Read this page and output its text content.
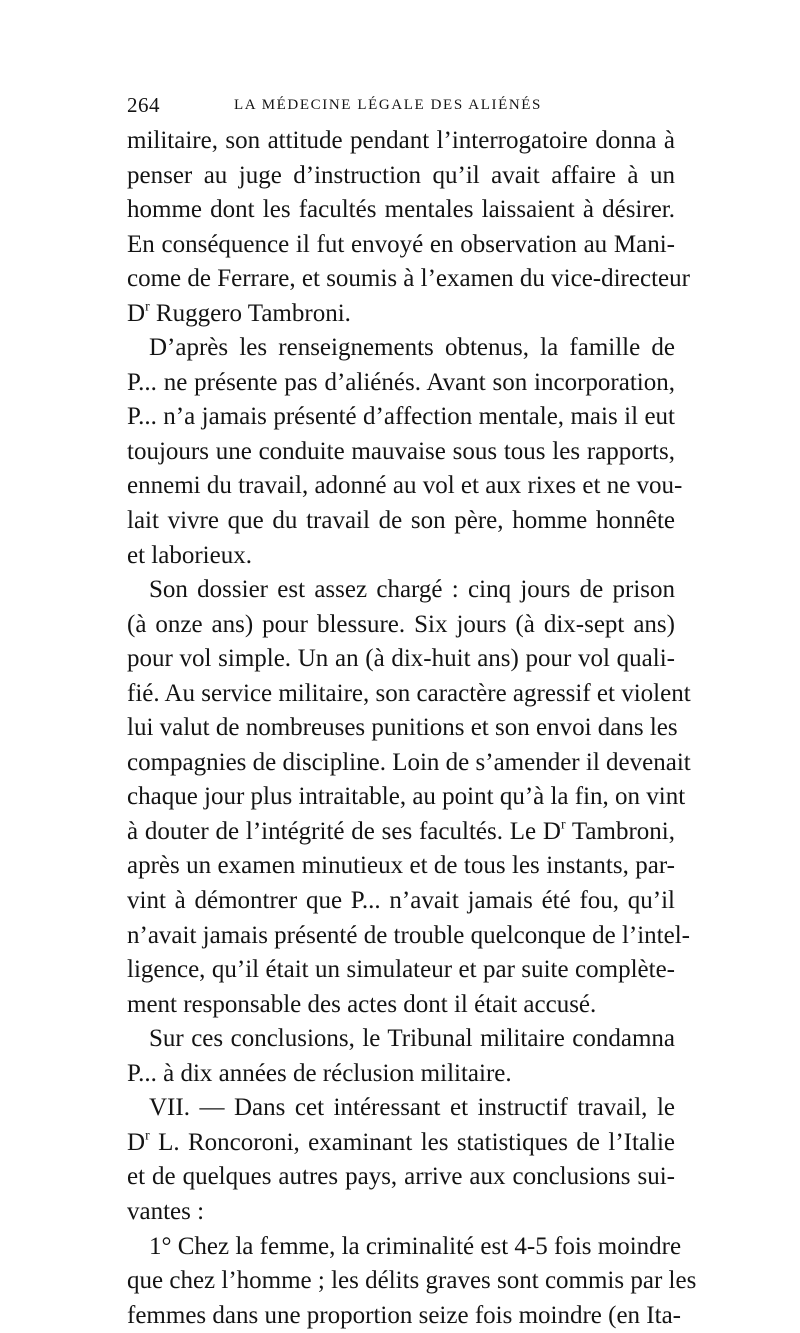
264	LA MÉDECINE LÉGALE DES ALIÉNÉS
militaire, son attitude pendant l’interrogatoire donna à
penser au juge d’instruction qu’il avait affaire à un
homme dont les facultés mentales laissaient à désirer.
En conséquence il fut envoyé en observation au Mani-
come de Ferrare, et soumis à l’examen du vice-directeur
$D^r$ Ruggero Tambroni.
D’après les renseignements obtenus, la famille de
P... ne présente pas d’aliénés. Avant son incorporation,
P... n’a jamais présenté d’affection mentale, mais il eut
toujours une conduite mauvaise sous tous les rapports,
ennemi du travail, adonné au vol et aux rixes et ne vou-
lait vivre que du travail de son père, homme honnête
et laborieux.
Son dossier est assez chargé : cinq jours de prison
(à onze ans) pour blessure. Six jours (à dix-sept ans)
pour vol simple. Un an (à dix-huit ans) pour vol quali-
fié. Au service militaire, son caractère agressif et violent
lui valut de nombreuses punitions et son envoi dans les
compagnies de discipline. Loin de s’amender il devenait
chaque jour plus intraitable, au point qu’à la fin, on vint
à douter de l’intégrité de ses facultés. Le $D^r$ Tambroni,
après un examen minutieux et de tous les instants, par-
vint à démontrer que P... n’avait jamais été fou, qu’il
n’avait jamais présenté de trouble quelconque de l’intel-
ligence, qu’il était un simulateur et par suite complète-
ment responsable des actes dont il était accusé.
Sur ces conclusions, le Tribunal militaire condamna
P... à dix années de réclusion militaire.
VII. — Dans cet intéressant et instructif travail, le
$D^r$ L. Roncoroni, examinant les statistiques de l’Italie
et de quelques autres pays, arrive aux conclusions sui-
vantes :
1° Chez la femme, la criminalité est 4-5 fois moindre
que chez l’homme ; les délits graves sont commis par les
femmes dans une proportion seize fois moindre (en Ita-
